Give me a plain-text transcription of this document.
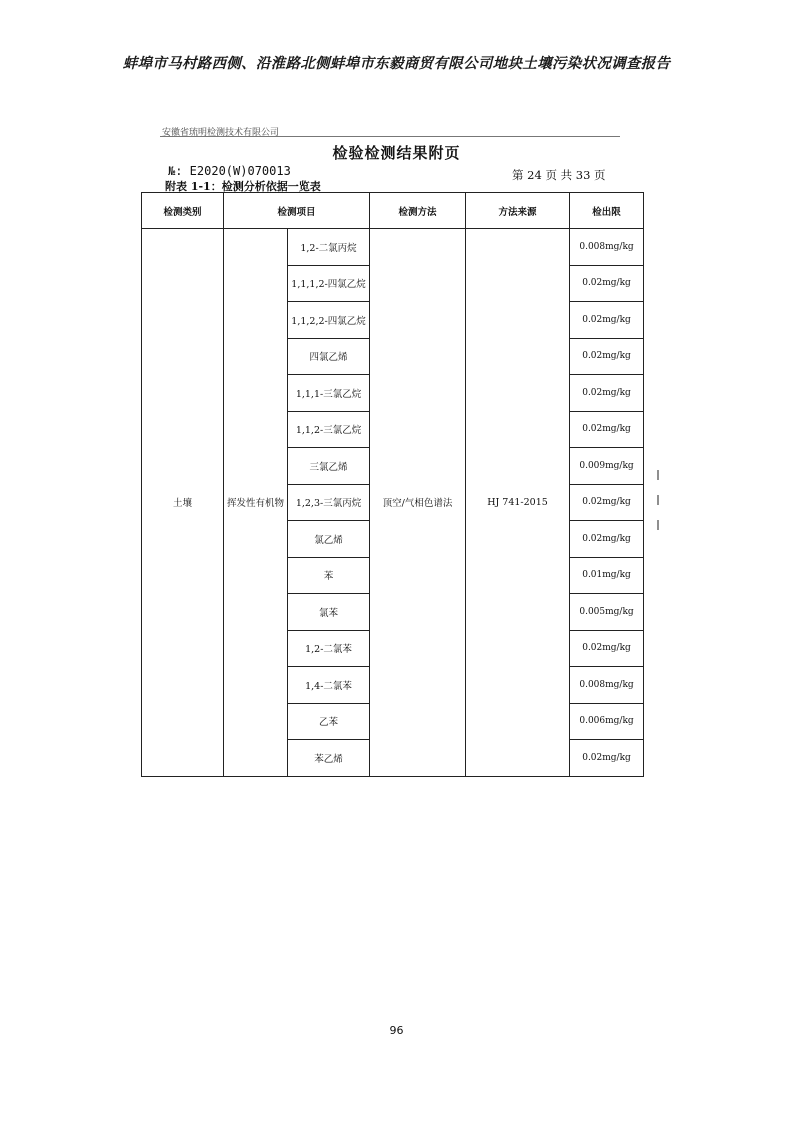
蚌埠市马村路西侧、沿淮路北侧蚌埠市东毅商贸有限公司地块土壤污染状况调查报告
安徽省琉明检测技术有限公司
检验检测结果附页
№: E2020(W)070013	第 24 页 共 33 页
附表 1-1：检测分析依据一览表
检测类别	检测项目		检测方法	方法来源	检出限
土壤	挥发性有机物	1,2-二氯丙烷	顶空/气相色谱法	HJ 741-2015	0.008mg/kg
		1,1,1,2-四氯乙烷			0.02mg/kg
		1,1,2,2-四氯乙烷			0.02mg/kg
		四氯乙烯			0.02mg/kg
		1,1,1-三氯乙烷			0.02mg/kg
		1,1,2-三氯乙烷			0.02mg/kg
		三氯乙烯			0.009mg/kg
		1,2,3-三氯丙烷			0.02mg/kg
		氯乙烯			0.02mg/kg
		苯			0.01mg/kg
		氯苯			0.005mg/kg
		1,2-二氯苯			0.02mg/kg
		1,4-二氯苯			0.008mg/kg
		乙苯			0.006mg/kg
		苯乙烯			0.02mg/kg
96
